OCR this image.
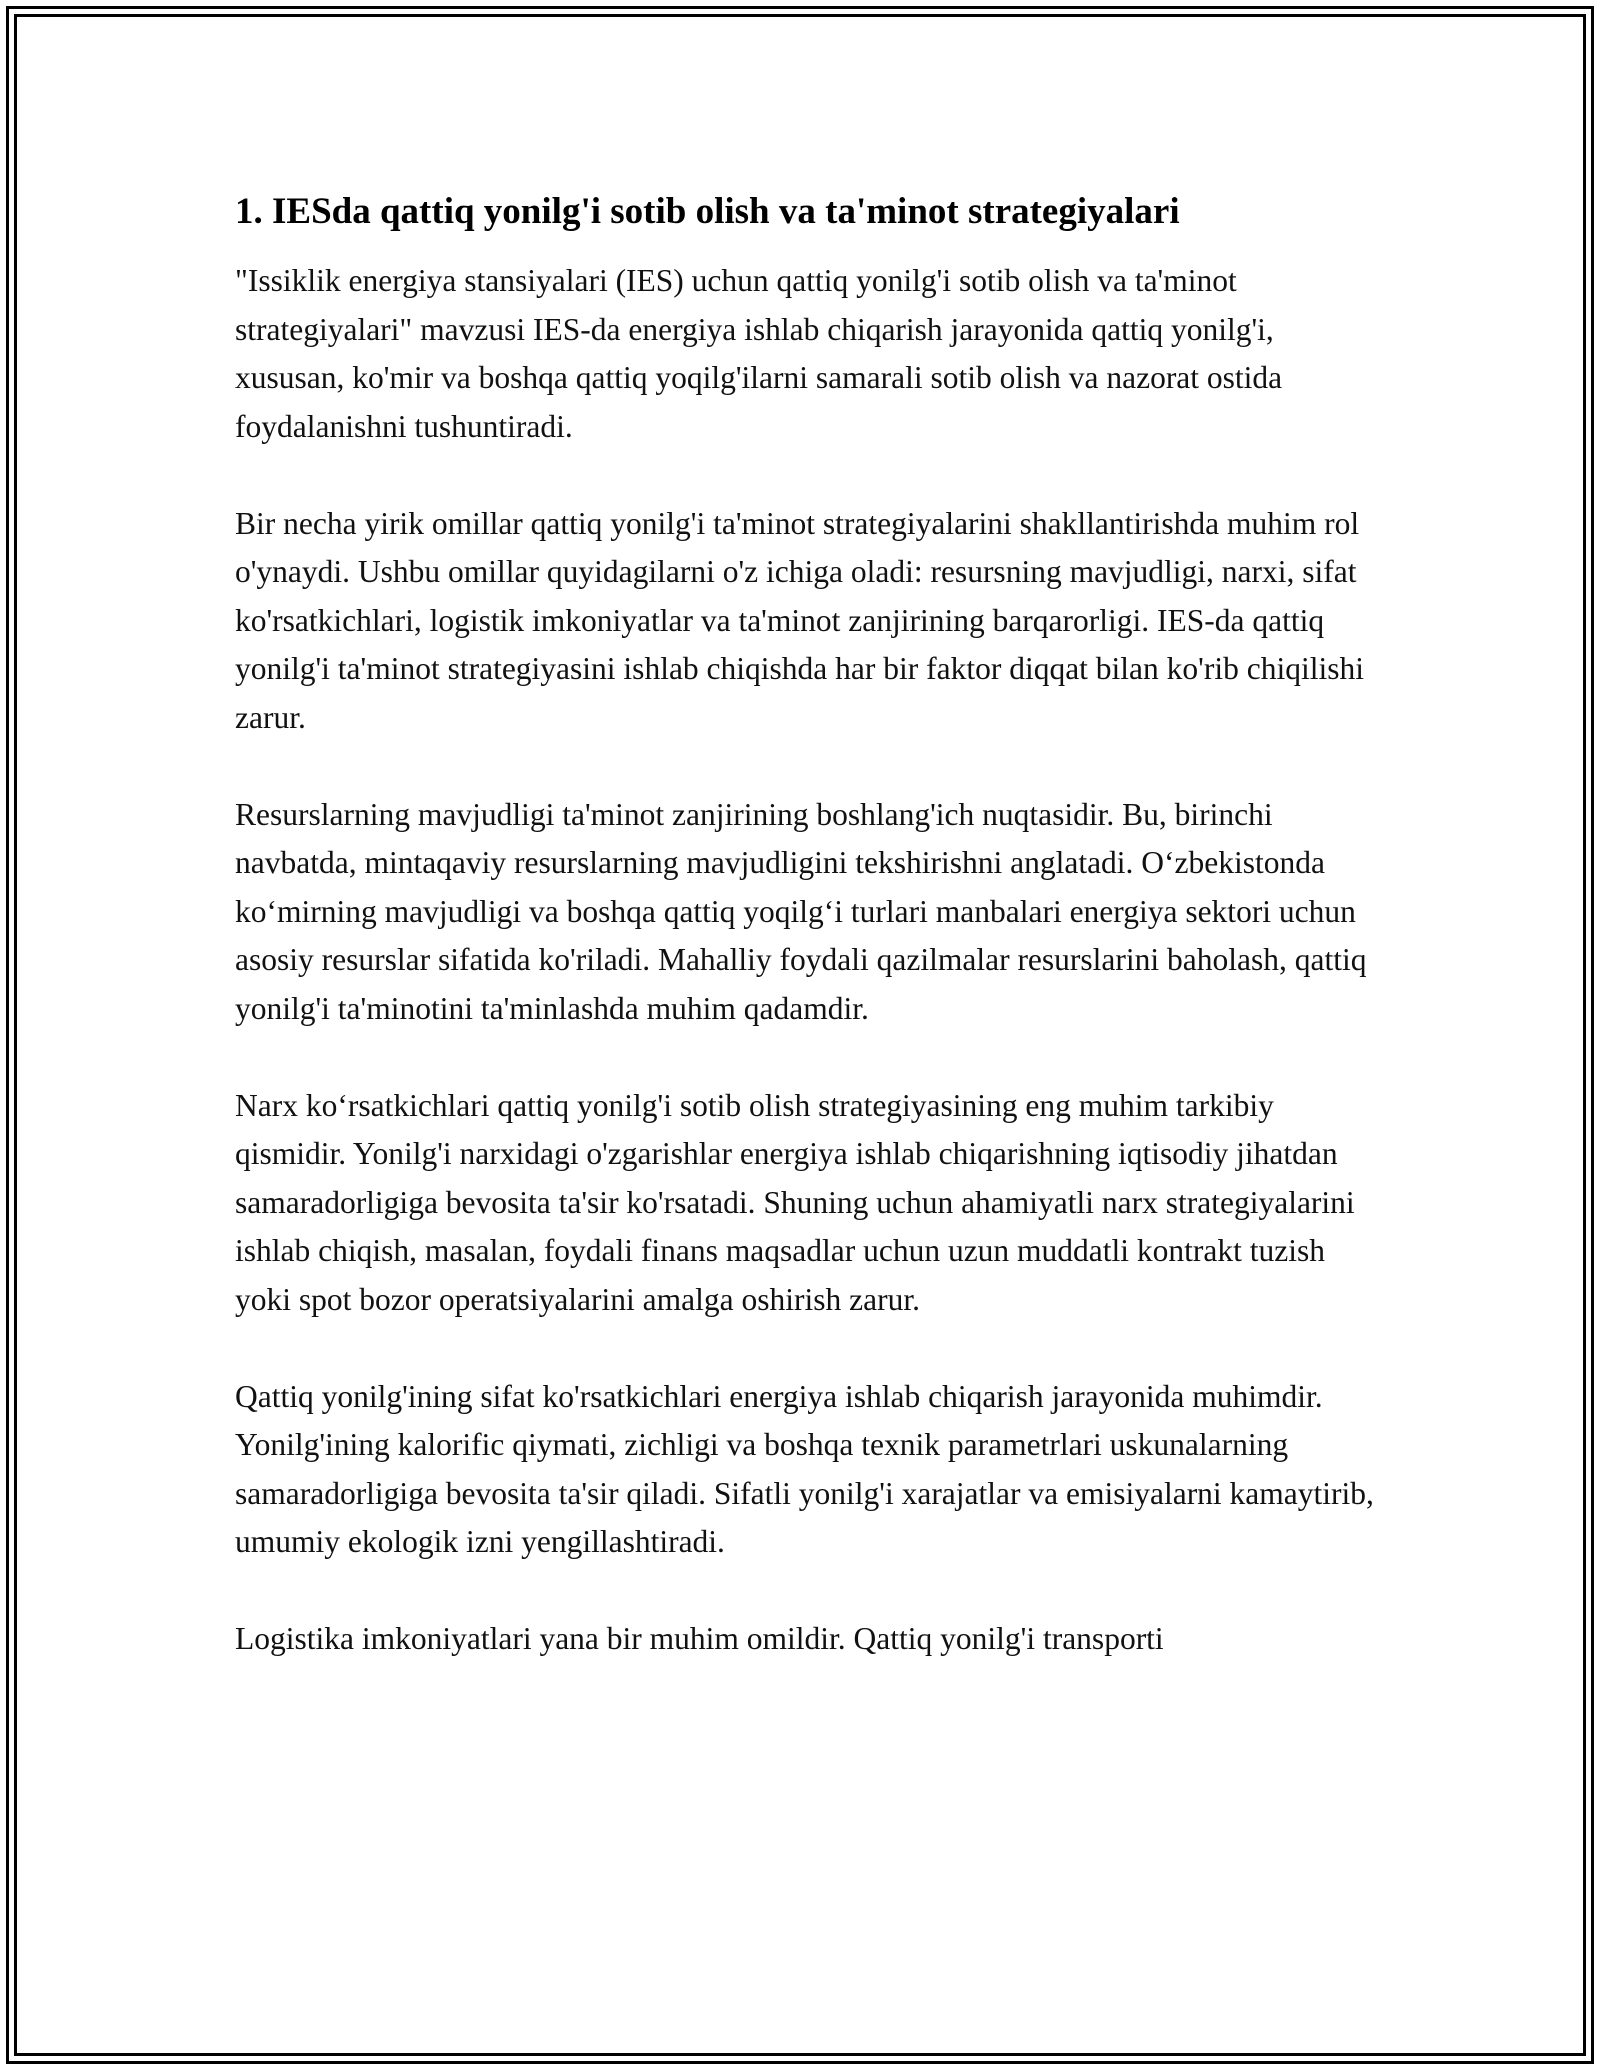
1. IESda qattiq yonilg'i sotib olish va ta'minot strategiyalari

"Issiklik energiya stansiyalari (IES) uchun qattiq yonilg'i sotib olish va ta'minot strategiyalari" mavzusi IES-da energiya ishlab chiqarish jarayonida qattiq yonilg'i, xususan, ko'mir va boshqa qattiq yoqilg'ilarni samarali sotib olish va nazorat ostida foydalanishni tushuntiradi.

Bir necha yirik omillar qattiq yonilg'i ta'minot strategiyalarini shakllantirishda muhim rol o'ynaydi. Ushbu omillar quyidagilarni o'z ichiga oladi: resursning mavjudligi, narxi, sifat ko'rsatkichlari, logistik imkoniyatlar va ta'minot zanjirining barqarorligi. IES-da qattiq yonilg'i ta'minot strategiyasini ishlab chiqishda har bir faktor diqqat bilan ko'rib chiqilishi zarur.

Resurslarning mavjudligi ta'minot zanjirining boshlang'ich nuqtasidir. Bu, birinchi navbatda, mintaqaviy resurslarning mavjudligini tekshirishni anglatadi. O‘zbekistonda ko‘mirning mavjudligi va boshqa qattiq yoqilg‘i turlari manbalari energiya sektori uchun asosiy resurslar sifatida ko'riladi. Mahalliy foydali qazilmalar resurslarini baholash, qattiq yonilg'i ta'minotini ta'minlashda muhim qadamdir.

Narx ko‘rsatkichlari qattiq yonilg'i sotib olish strategiyasining eng muhim tarkibiy qismidir. Yonilg'i narxidagi o'zgarishlar energiya ishlab chiqarishning iqtisodiy jihatdan samaradorligiga bevosita ta'sir ko'rsatadi. Shuning uchun ahamiyatli narx strategiyalarini ishlab chiqish, masalan, foydali finans maqsadlar uchun uzun muddatli kontrakt tuzish yoki spot bozor operatsiyalarini amalga oshirish zarur.

Qattiq yonilg'ining sifat ko'rsatkichlari energiya ishlab chiqarish jarayonida muhimdir. Yonilg'ining kalorific qiymati, zichligi va boshqa texnik parametrlari uskunalarning samaradorligiga bevosita ta'sir qiladi. Sifatli yonilg'i xarajatlar va emisiyalarni kamaytirib, umumiy ekologik izni yengillashtiradi.

Logistika imkoniyatlari yana bir muhim omildir. Qattiq yonilg'i transporti
